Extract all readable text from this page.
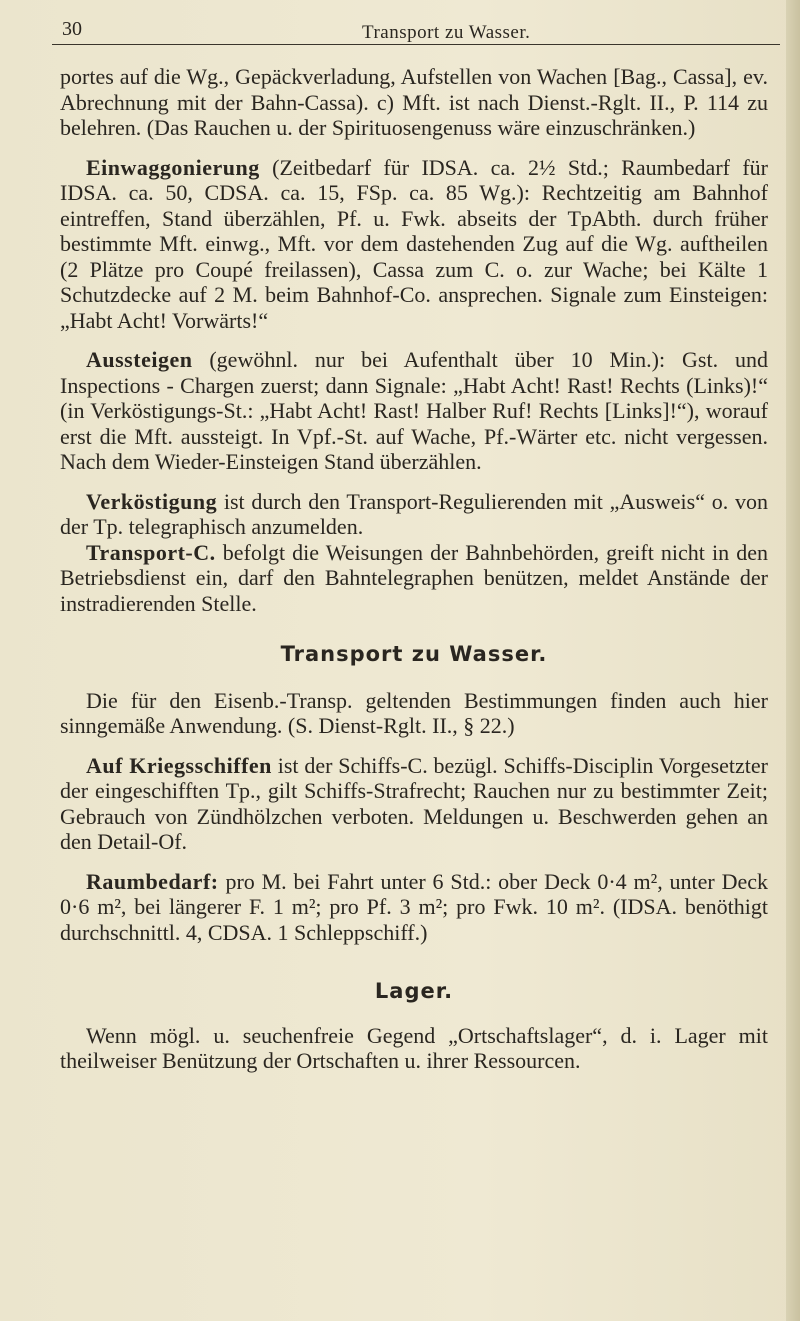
30	Transport zu Wasser.

portes auf die Wg., Gepäckverladung, Aufstellen von Wachen [Bag., Cassa], ev. Abrechnung mit der Bahn-Cassa). c) Mft. ist nach Dienst.-Rglt. II., P. 114 zu belehren. (Das Rauchen u. der Spirituosengenuss wäre einzuschränken.)

Einwaggonierung (Zeitbedarf für IDSA. ca. 2½ Std.; Raumbedarf für IDSA. ca. 50, CDSA. ca. 15, FSp. ca. 85 Wg.): Rechtzeitig am Bahnhof eintreffen, Stand überzählen, Pf. u. Fwk. abseits der TpAbth. durch früher bestimmte Mft. einwg., Mft. vor dem dastehenden Zug auf die Wg. auftheilen (2 Plätze pro Coupé freilassen), Cassa zum C. o. zur Wache; bei Kälte 1 Schutzdecke auf 2 M. beim Bahnhof-Co. ansprechen. Signale zum Einsteigen: „Habt Acht! Vorwärts!“

Aussteigen (gewöhnl. nur bei Aufenthalt über 10 Min.): Gst. und Inspections - Chargen zuerst; dann Signale: „Habt Acht! Rast! Rechts (Links)!“ (in Verköstigungs-St.: „Habt Acht! Rast! Halber Ruf! Rechts [Links]!“), worauf erst die Mft. aussteigt. In Vpf.-St. auf Wache, Pf.-Wärter etc. nicht vergessen. Nach dem Wieder-Einsteigen Stand überzählen.

Verköstigung ist durch den Transport-Regulierenden mit „Ausweis“ o. von der Tp. telegraphisch anzumelden.

Transport-C. befolgt die Weisungen der Bahnbehörden, greift nicht in den Betriebsdienst ein, darf den Bahntelegraphen benützen, meldet Anstände der instradierenden Stelle.

Transport zu Wasser.

Die für den Eisenb.-Transp. geltenden Bestimmungen finden auch hier sinngemäße Anwendung. (S. Dienst-Rglt. II., § 22.)

Auf Kriegsschiffen ist der Schiffs-C. bezügl. Schiffs-Disciplin Vorgesetzter der eingeschifften Tp., gilt Schiffs-Strafrecht; Rauchen nur zu bestimmter Zeit; Gebrauch von Zündhölzchen verboten. Meldungen u. Beschwerden gehen an den Detail-Of.

Raumbedarf: pro M. bei Fahrt unter 6 Std.: ober Deck 0·4 m², unter Deck 0·6 m², bei längerer F. 1 m²; pro Pf. 3 m²; pro Fwk. 10 m². (IDSA. benöthigt durchschnittl. 4, CDSA. 1 Schleppschiff.)

Lager.

Wenn mögl. u. seuchenfreie Gegend „Ortschaftslager“, d. i. Lager mit theilweiser Benützung der Ortschaften u. ihrer Ressourcen.
